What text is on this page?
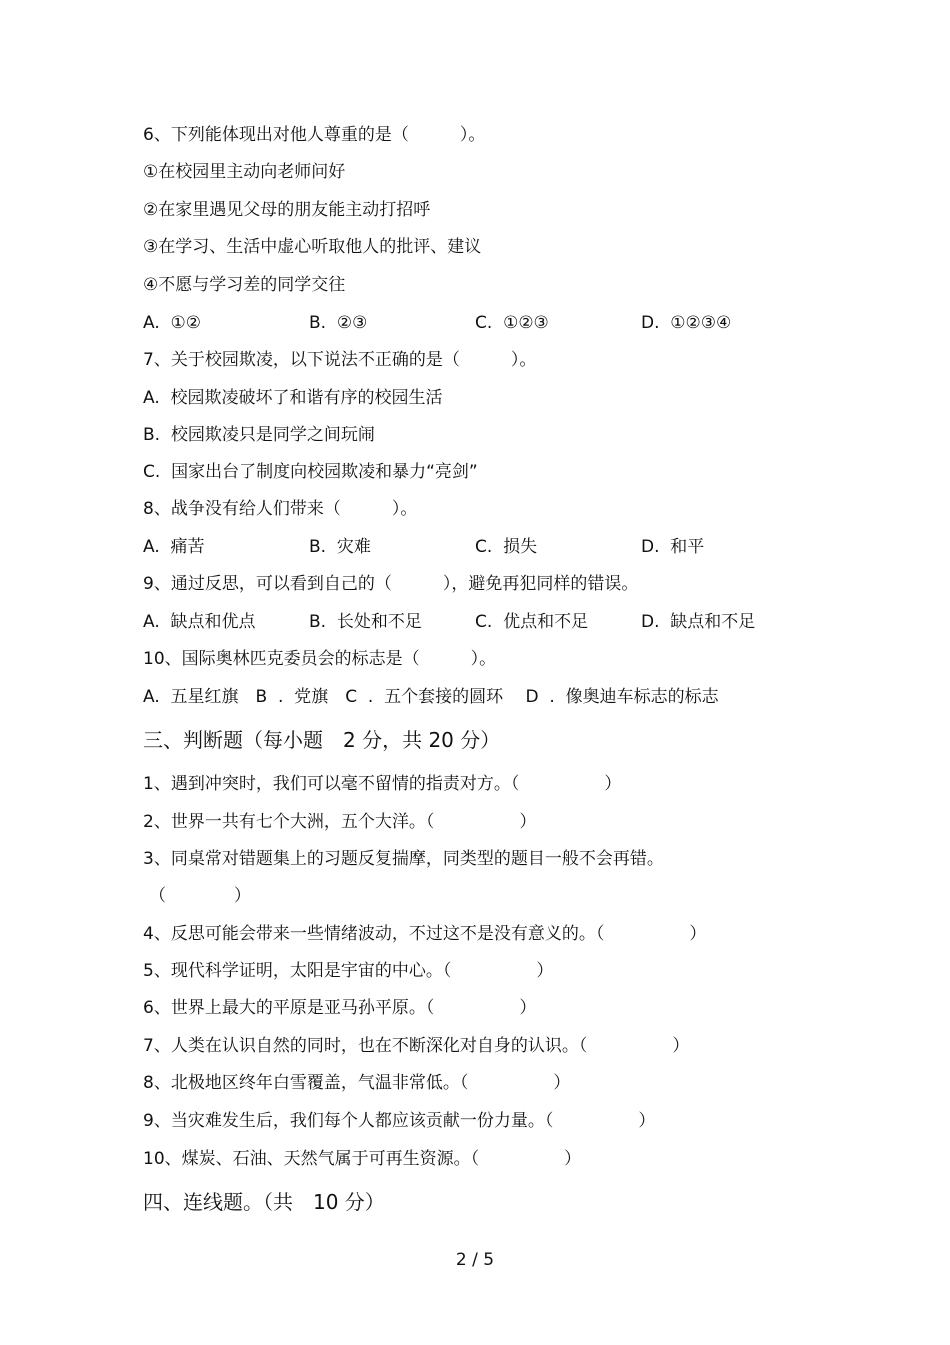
6、下列能体现出对他人尊重的是（　　　）。
①在校园里主动向老师问好
②在家里遇见父母的朋友能主动打招呼
③在学习、生活中虚心听取他人的批评、建议
④不愿与学习差的同学交往
A.  ①②	B.  ②③	C.  ①②③	D.  ①②③④
7、关于校园欺凌，以下说法不正确的是（　　　）。
A.  校园欺凌破坏了和谐有序的校园生活
B.  校园欺凌只是同学之间玩闹
C.  国家出台了制度向校园欺凌和暴力“亮剑”
8、战争没有给人们带来（　　　）。
A.  痛苦	B.  灾难	C.  损失	D.  和平
9、通过反思，可以看到自己的（　　　），避免再犯同样的错误。
A.  缺点和优点	B.  长处和不足	C.  优点和不足	D.  缺点和不足
10、国际奥林匹克委员会的标志是（　　　）。
A.  五星红旗　B  .  党旗　C  .  五个套接的圆环　 D  .  像奥迪车标志的标志
三、判断题（每小题　2 分，共 20 分）
1、遇到冲突时，我们可以毫不留情的指责对方。（　　　　　）
2、世界一共有七个大洲，五个大洋。（　　　　　）
3、同桌常对错题集上的习题反复揣摩，同类型的题目一般不会再错。
（　　　　）
4、反思可能会带来一些情绪波动，不过这不是没有意义的。（　　　　　）
5、现代科学证明，太阳是宇宙的中心。（　　　　　）
6、世界上最大的平原是亚马孙平原。（　　　　　）
7、人类在认识自然的同时，也在不断深化对自身的认识。（　　　　　）
8、北极地区终年白雪覆盖，气温非常低。（　　　　　）
9、当灾难发生后，我们每个人都应该贡献一份力量。（　　　　　）
10、煤炭、石油、天然气属于可再生资源。（　　　　　）
四、连线题。（共　10 分）
2 / 5
